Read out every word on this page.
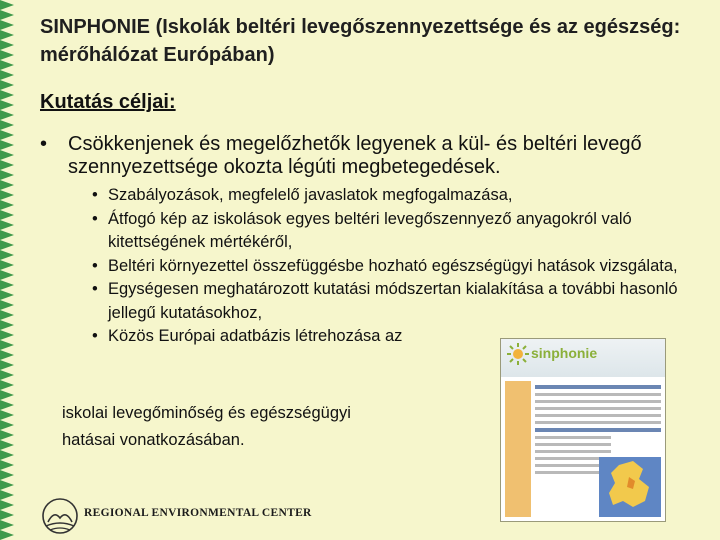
SINPHONIE (Iskolák beltéri levegőszennyezettsége és az egészség: mérőhálózat Európában)
Kutatás céljai:
•	Csökkenjenek és megelőzhetők legyenek a kül- és beltéri levegő szennyezettsége okozta légúti megbetegedések.
• Szabályozások, megfelelő javaslatok megfogalmazása,
• Átfogó kép az iskolások egyes beltéri levegőszennyező anyagokról való kitettségének mértékéről,
• Beltéri környezettel összefüggésbe hozható egészségügyi hatások vizsgálata,
• Egységesen meghatározott kutatási módszertan kialakítása a további hasonló jellegű kutatásokhoz,
• Közös Európai adatbázis létrehozása az
iskolai levegőminőség és egészségügyi
hatásai vonatkozásában.
sinphonie
REGIONAL ENVIRONMENTAL CENTER
